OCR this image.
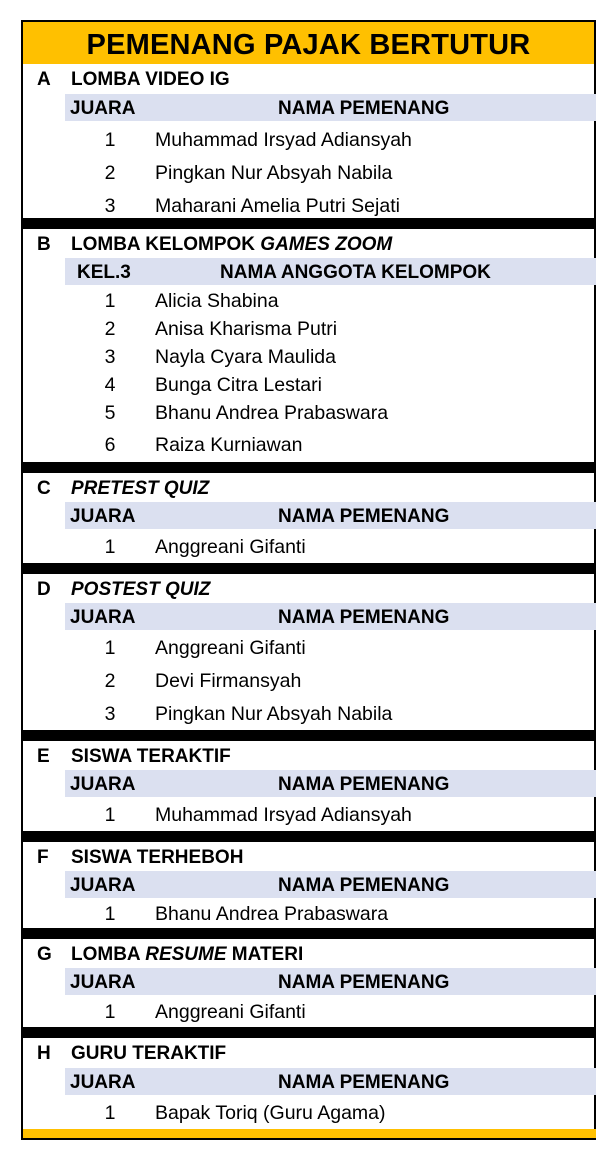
PEMENANG PAJAK BERTUTUR
A LOMBA VIDEO IG
JUARA	NAMA PEMENANG
1 Muhammad Irsyad Adiansyah
2 Pingkan Nur Absyah Nabila
3 Maharani Amelia Putri Sejati
B LOMBA KELOMPOK GAMES ZOOM
KEL.3	NAMA ANGGOTA KELOMPOK
1 Alicia Shabina
2 Anisa Kharisma Putri
3 Nayla Cyara Maulida
4 Bunga Citra Lestari
5 Bhanu Andrea Prabaswara
6 Raiza Kurniawan
C PRETEST QUIZ
JUARA	NAMA PEMENANG
1 Anggreani Gifanti
D POSTEST QUIZ
JUARA	NAMA PEMENANG
1 Anggreani Gifanti
2 Devi Firmansyah
3 Pingkan Nur Absyah Nabila
E SISWA TERAKTIF
JUARA	NAMA PEMENANG
1 Muhammad Irsyad Adiansyah
F SISWA TERHEBOH
JUARA	NAMA PEMENANG
1 Bhanu Andrea Prabaswara
G LOMBA RESUME MATERI
JUARA	NAMA PEMENANG
1 Anggreani Gifanti
H GURU TERAKTIF
JUARA	NAMA PEMENANG
1 Bapak Toriq (Guru Agama)
